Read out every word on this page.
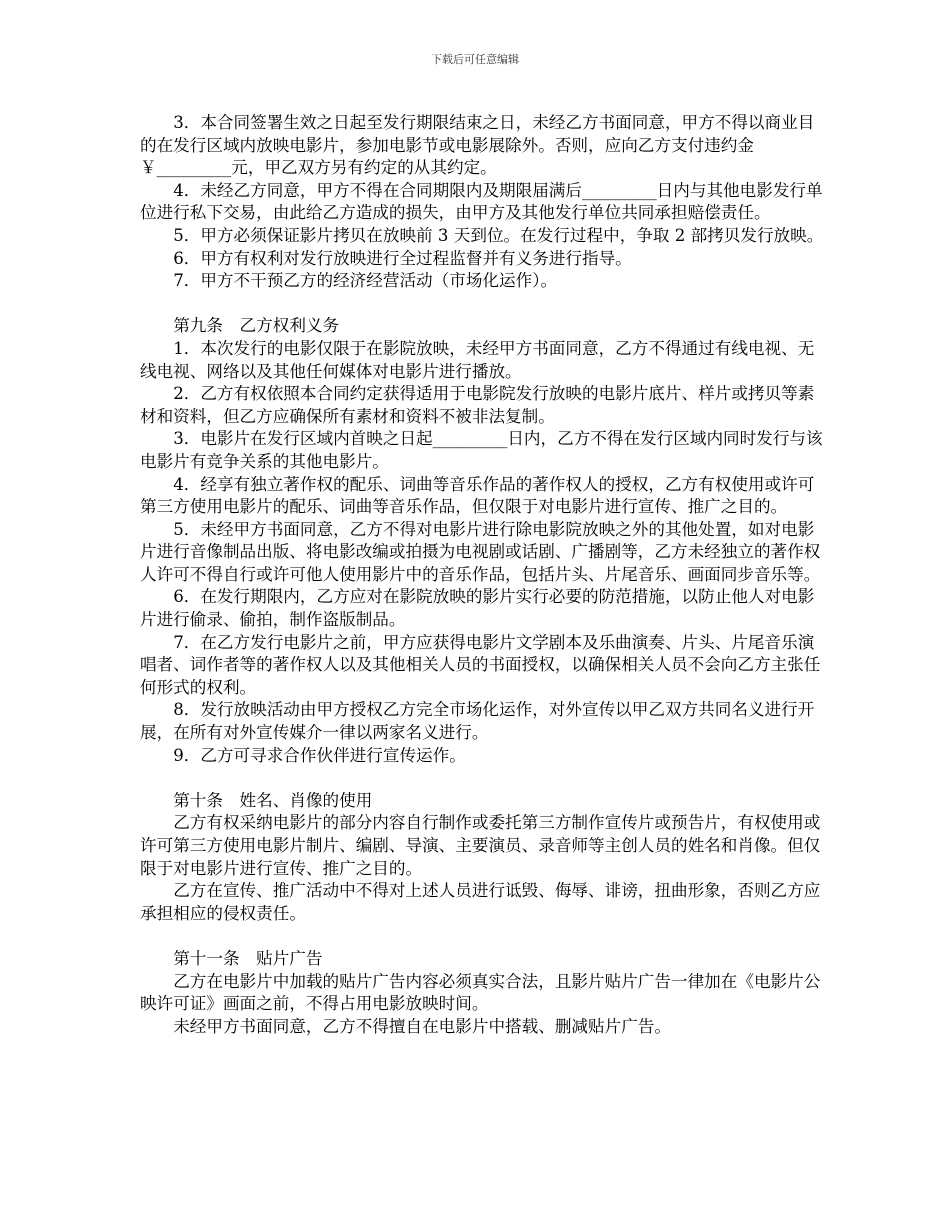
下载后可任意编辑

3．本合同签署生效之日起至发行期限结束之日，未经乙方书面同意，甲方不得以商业目的在发行区域内放映电影片，参加电影节或电影展除外。否则，应向乙方支付违约金￥_________元，甲乙双方另有约定的从其约定。

4．未经乙方同意，甲方不得在合同期限内及期限届满后_________日内与其他电影发行单位进行私下交易，由此给乙方造成的损失，由甲方及其他发行单位共同承担赔偿责任。

5．甲方必须保证影片拷贝在放映前 3 天到位。在发行过程中，争取 2 部拷贝发行放映。

6．甲方有权利对发行放映进行全过程监督并有义务进行指导。

7．甲方不干预乙方的经济经营活动（市场化运作）。

第九条　乙方权利义务

1．本次发行的电影仅限于在影院放映，未经甲方书面同意，乙方不得通过有线电视、无线电视、网络以及其他任何媒体对电影片进行播放。

2．乙方有权依照本合同约定获得适用于电影院发行放映的电影片底片、样片或拷贝等素材和资料，但乙方应确保所有素材和资料不被非法复制。

3．电影片在发行区域内首映之日起_________日内，乙方不得在发行区域内同时发行与该电影片有竞争关系的其他电影片。

4．经享有独立著作权的配乐、词曲等音乐作品的著作权人的授权，乙方有权使用或许可第三方使用电影片的配乐、词曲等音乐作品，但仅限于对电影片进行宣传、推广之目的。

5．未经甲方书面同意，乙方不得对电影片进行除电影院放映之外的其他处置，如对电影片进行音像制品出版、将电影改编或拍摄为电视剧或话剧、广播剧等，乙方未经独立的著作权人许可不得自行或许可他人使用影片中的音乐作品，包括片头、片尾音乐、画面同步音乐等。

6．在发行期限内，乙方应对在影院放映的影片实行必要的防范措施，以防止他人对电影片进行偷录、偷拍，制作盗版制品。

7．在乙方发行电影片之前，甲方应获得电影片文学剧本及乐曲演奏、片头、片尾音乐演唱者、词作者等的著作权人以及其他相关人员的书面授权，以确保相关人员不会向乙方主张任何形式的权利。

8．发行放映活动由甲方授权乙方完全市场化运作，对外宣传以甲乙双方共同名义进行开展，在所有对外宣传媒介一律以两家名义进行。

9．乙方可寻求合作伙伴进行宣传运作。

第十条　姓名、肖像的使用

乙方有权采纳电影片的部分内容自行制作或委托第三方制作宣传片或预告片，有权使用或许可第三方使用电影片制片、编剧、导演、主要演员、录音师等主创人员的姓名和肖像。但仅限于对电影片进行宣传、推广之目的。

乙方在宣传、推广活动中不得对上述人员进行诋毁、侮辱、诽谤，扭曲形象，否则乙方应承担相应的侵权责任。

第十一条　贴片广告

乙方在电影片中加载的贴片广告内容必须真实合法，且影片贴片广告一律加在《电影片公映许可证》画面之前，不得占用电影放映时间。

未经甲方书面同意，乙方不得擅自在电影片中搭载、删减贴片广告。
